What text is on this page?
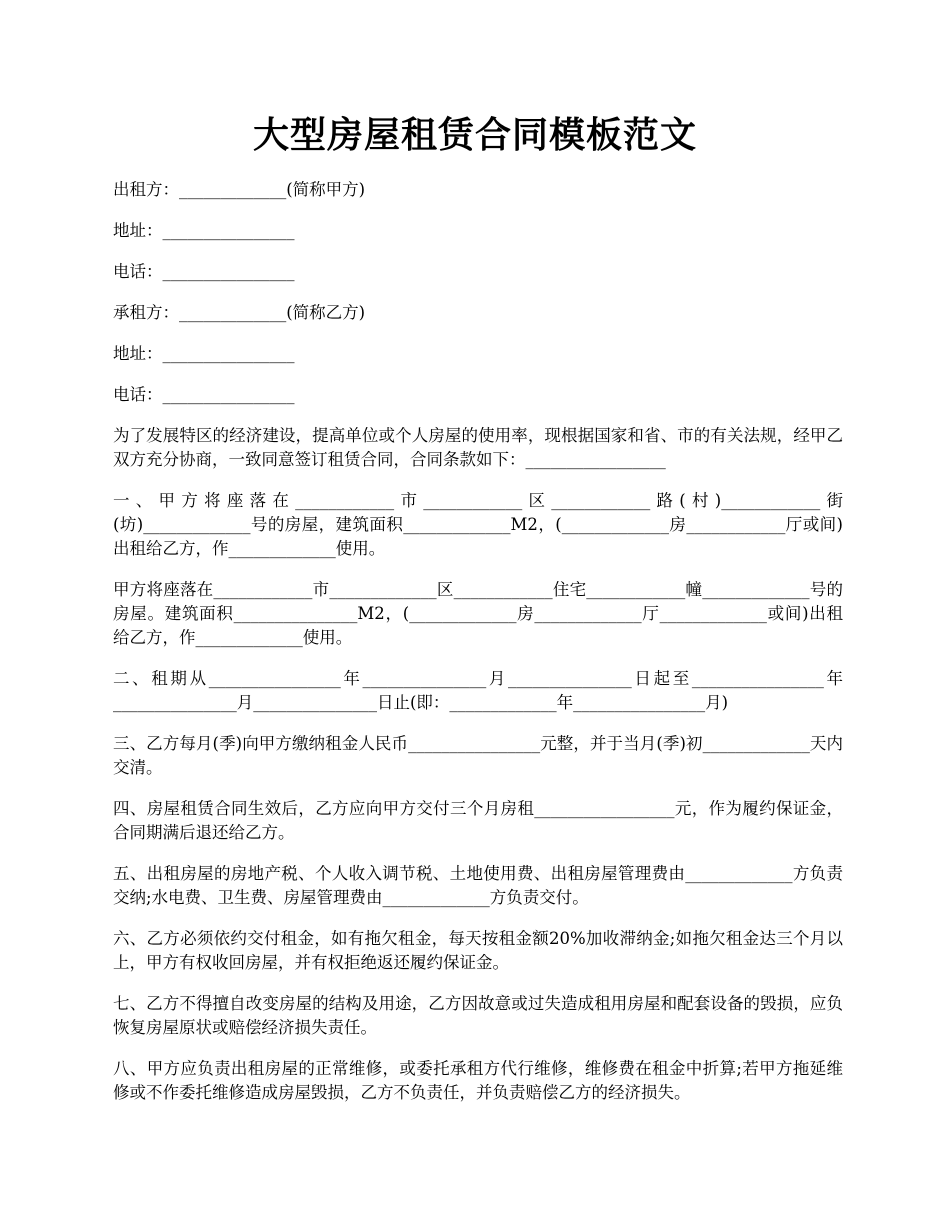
大型房屋租赁合同模板范文

出租方：_____________(简称甲方)

地址：________________

电话：________________

承租方：_____________(简称乙方)

地址：________________

电话：________________

为了发展特区的经济建设，提高单位或个人房屋的使用率，现根据国家和省、市的有关法规，经甲乙双方充分协商，一致同意签订租赁合同，合同条款如下：_________________

一、甲方将座落在____________市____________区____________路(村)____________街(坊)_____________号的房屋，建筑面积_____________M2，(_____________房____________厅或间)出租给乙方，作_____________使用。

甲方将座落在____________市_____________区____________住宅____________幢_____________号的房屋。建筑面积_______________M2，(_____________房_____________厅_____________或间)出租给乙方，作_____________使用。

二、租期从________________年_______________月_______________日起至________________年_______________月_______________日止(即：_____________年________________月)

三、乙方每月(季)向甲方缴纳租金人民币________________元整，并于当月(季)初_____________天内交清。

四、房屋租赁合同生效后，乙方应向甲方交付三个月房租_________________元，作为履约保证金，合同期满后退还给乙方。

五、出租房屋的房地产税、个人收入调节税、土地使用费、出租房屋管理费由_____________方负责交纳;水电费、卫生费、房屋管理费由_____________方负责交付。

六、乙方必须依约交付租金，如有拖欠租金，每天按租金额20%加收滞纳金;如拖欠租金达三个月以上，甲方有权收回房屋，并有权拒绝返还履约保证金。

七、乙方不得擅自改变房屋的结构及用途，乙方因故意或过失造成租用房屋和配套设备的毁损，应负恢复房屋原状或赔偿经济损失责任。

八、甲方应负责出租房屋的正常维修，或委托承租方代行维修，维修费在租金中折算;若甲方拖延维修或不作委托维修造成房屋毁损，乙方不负责任，并负责赔偿乙方的经济损失。
